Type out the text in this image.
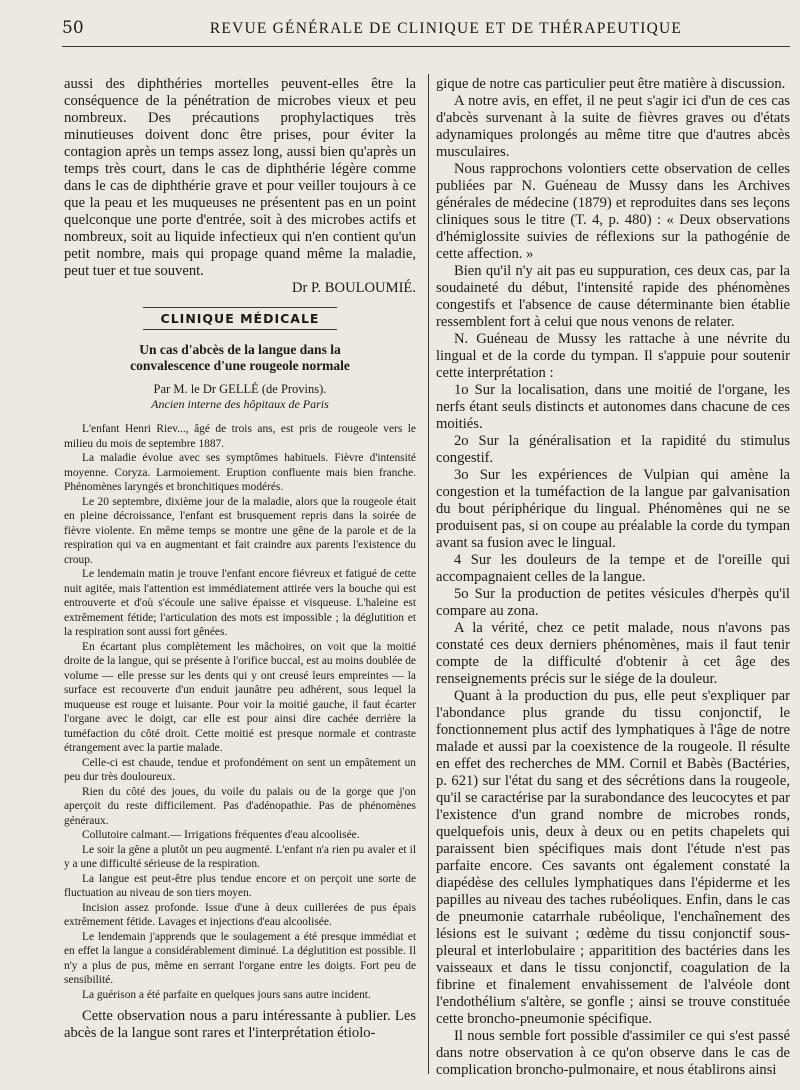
50	REVUE GÉNÉRALE DE CLINIQUE ET DE THÉRAPEUTIQUE

aussi des diphthéries mortelles peuvent-elles être la conséquence de la pénétration de microbes vieux et peu nombreux. Des précautions prophylactiques très minutieuses doivent donc être prises, pour éviter la contagion après un temps assez long, aussi bien qu'après un temps très court, dans le cas de diphthérie légère comme dans le cas de diphthérie grave et pour veiller toujours à ce que la peau et les muqueuses ne présentent pas en un point quelconque une porte d'entrée, soit à des microbes actifs et nombreux, soit au liquide infectieux qui n'en contient qu'un petit nombre, mais qui propage quand même la maladie, peut tuer et tue souvent.

Dr P. BOULOUMIÉ.
CLINIQUE MÉDICALE
Un cas d'abcès de la langue dans la
convalescence d'une rougeole normale
Par M. le Dr GELLÉ (de Provins).
Ancien interne des hôpitaux de Paris

L'enfant Henri Riev..., âgé de trois ans, est pris de rougeole vers le milieu du mois de septembre 1887.

La maladie évolue avec ses symptômes habituels. Fièvre d'intensité moyenne. Coryza. Larmoiement. Eruption confluente mais bien franche. Phénomènes laryngés et bronchitiques modérés.

Le 20 septembre, dixième jour de la maladie, alors que la rougeole était en pleine décroissance, l'enfant est brusquement repris dans la soirée de fièvre violente. En même temps se montre une gêne de la parole et de la respiration qui va en augmentant et fait craindre aux parents l'existence du croup.

Le lendemain matin je trouve l'enfant encore fiévreux et fatigué de cette nuit agitée, mais l'attention est immédiatement attirée vers la bouche qui est entrouverte et d'où s'écoule une salive épaisse et visqueuse. L'haleine est extrêmement fétide; l'articulation des mots est impossible ; la déglutition et la respiration sont aussi fort gênées.

En écartant plus complètement les mâchoires, on voit que la moitié droite de la langue, qui se présente à l'orifice buccal, est au moins doublée de volume — elle presse sur les dents qui y ont creusé leurs empreintes — la surface est recouverte d'un enduit jaunâtre peu adhérent, sous lequel la muqueuse est rouge et luisante. Pour voir la moitié gauche, il faut écarter l'organe avec le doigt, car elle est pour ainsi dire cachée derrière la tuméfaction du côté droit. Cette moitié est presque normale et contraste étrangement avec la partie malade.

Celle-ci est chaude, tendue et profondément on sent un empâtement un peu dur très douloureux.

Rien du côté des joues, du voile du palais ou de la gorge que j'on aperçoit du reste difficilement. Pas d'adénopathie. Pas de phénomènes généraux.

Collutoire calmant.— Irrigations fréquentes d'eau alcoolisée.

Le soir la gêne a plutôt un peu augmenté. L'enfant n'a rien pu avaler et il y a une difficulté sérieuse de la respiration.

La langue est peut-être plus tendue encore et on perçoit une sorte de fluctuation au niveau de son tiers moyen.

Incision assez profonde. Issue d'une à deux cuillerées de pus épais extrêmement fétide. Lavages et injections d'eau alcoolisée.

Le lendemain j'apprends que le soulagement a été presque immédiat et en effet la langue a considérablement diminué. La déglutition est possible. Il n'y a plus de pus, même en serrant l'organe entre les doigts. Fort peu de sensibilité.

La guérison a été parfaite en quelques jours sans autre incident.

Cette observation nous a paru intéressante à publier. Les abcès de la langue sont rares et l'interprétation étiolo-

gique de notre cas particulier peut être matière à discussion.

A notre avis, en effet, il ne peut s'agir ici d'un de ces cas d'abcès survenant à la suite de fièvres graves ou d'états adynamiques prolongés au même titre que d'autres abcès musculaires.

Nous rapprochons volontiers cette observation de celles publiées par N. Guéneau de Mussy dans les Archives générales de médecine (1879) et reproduites dans ses leçons cliniques sous le titre (T. 4, p. 480) : « Deux observations d'hémiglossite suivies de réflexions sur la pathogénie de cette affection. »

Bien qu'il n'y ait pas eu suppuration, ces deux cas, par la soudaineté du début, l'intensité rapide des phénomènes congestifs et l'absence de cause déterminante bien établie ressemblent fort à celui que nous venons de relater.

N. Guéneau de Mussy les rattache à une névrite du lingual et de la corde du tympan. Il s'appuie pour soutenir cette interprétation :

1o Sur la localisation, dans une moitié de l'organe, les nerfs étant seuls distincts et autonomes dans chacune de ces moitiés.

2o Sur la généralisation et la rapidité du stimulus congestif.

3o Sur les expériences de Vulpian qui amène la congestion et la tuméfaction de la langue par galvanisation du bout périphérique du lingual. Phénomènes qui ne se produisent pas, si on coupe au préalable la corde du tympan avant sa fusion avec le lingual.

4 Sur les douleurs de la tempe et de l'oreille qui accompagnaient celles de la langue.

5o Sur la production de petites vésicules d'herpès qu'il compare au zona.

A la vérité, chez ce petit malade, nous n'avons pas constaté ces deux derniers phénomènes, mais il faut tenir compte de la difficulté d'obtenir à cet âge des renseignements précis sur le siége de la douleur.

Quant à la production du pus, elle peut s'expliquer par l'abondance plus grande du tissu conjonctif, le fonctionnement plus actif des lymphatiques à l'âge de notre malade et aussi par la coexistence de la rougeole. Il résulte en effet des recherches de MM. Cornil et Babès (Bactéries, p. 621) sur l'état du sang et des sécrétions dans la rougeole, qu'il se caractérise par la surabondance des leucocytes et par l'existence d'un grand nombre de microbes ronds, quelquefois unis, deux à deux ou en petits chapelets qui paraissent bien spécifiques mais dont l'étude n'est pas parfaite encore. Ces savants ont également constaté la diapédèse des cellules lymphatiques dans l'épiderme et les papilles au niveau des taches rubéoliques. Enfin, dans le cas de pneumonie catarrhale rubéolique, l'enchaînement des lésions est le suivant ; œdème du tissu conjonctif sous-pleural et interlobulaire ; apparitition des bactéries dans les vaisseaux et dans le tissu conjonctif, coagulation de la fibrine et finalement envahissement de l'alvéole dont l'endothélium s'altère, se gonfle ; ainsi se trouve constituée cette broncho-pneumonie spécifique.

Il nous semble fort possible d'assimiler ce qui s'est passé dans notre observation à ce qu'on observe dans le cas de complication broncho-pulmonaire, et nous établirons ainsi
